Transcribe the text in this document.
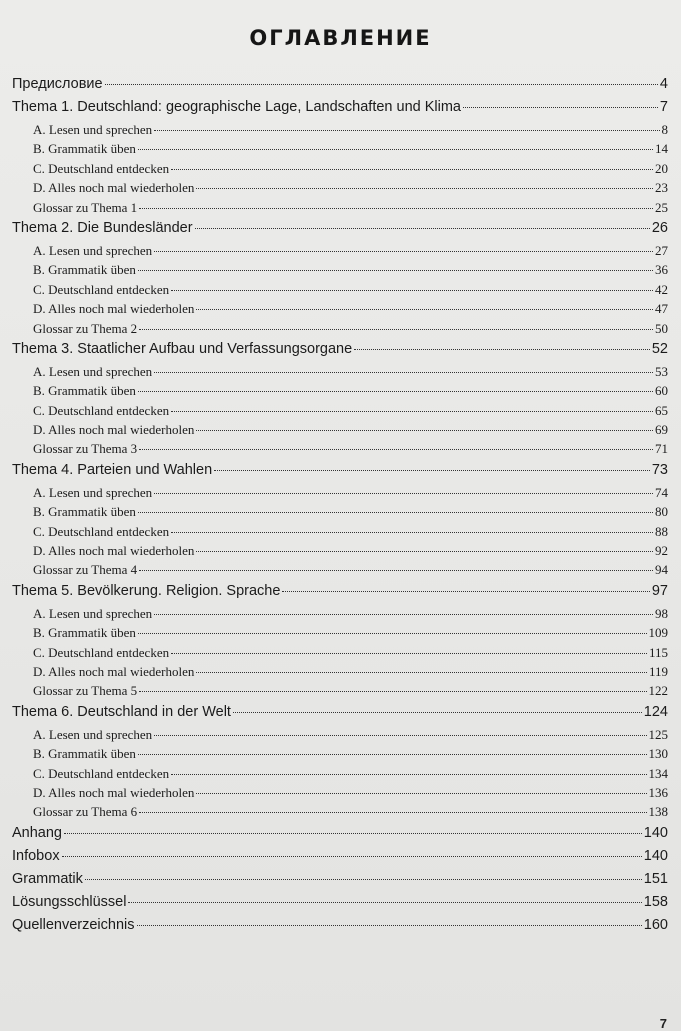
ОГЛАВЛЕНИЕ
Предисловие	4
Thema 1. Deutschland: geographische Lage, Landschaften und Klima	7
A. Lesen und sprechen	8
B. Grammatik üben	14
C. Deutschland entdecken	20
D. Alles noch mal wiederholen	23
Glossar zu Thema 1	25
Thema 2. Die Bundesländer	26
A. Lesen und sprechen	27
B. Grammatik üben	36
C. Deutschland entdecken	42
D. Alles noch mal wiederholen	47
Glossar zu Thema 2	50
Thema 3. Staatlicher Aufbau und Verfassungsorgane	52
A. Lesen und sprechen	53
B. Grammatik üben	60
C. Deutschland entdecken	65
D. Alles noch mal wiederholen	69
Glossar zu Thema 3	71
Thema 4. Parteien und Wahlen	73
A. Lesen und sprechen	74
B. Grammatik üben	80
C. Deutschland entdecken	88
D. Alles noch mal wiederholen	92
Glossar zu Thema 4	94
Thema 5. Bevölkerung. Religion. Sprache	97
A. Lesen und sprechen	98
B. Grammatik üben	109
C. Deutschland entdecken	115
D. Alles noch mal wiederholen	119
Glossar zu Thema 5	122
Thema 6. Deutschland in der Welt	124
A. Lesen und sprechen	125
B. Grammatik üben	130
C. Deutschland entdecken	134
D. Alles noch mal wiederholen	136
Glossar zu Thema 6	138
Anhang	140
Infobox	140
Grammatik	151
Lösungsschlüssel	158
Quellenverzeichnis	160
7
